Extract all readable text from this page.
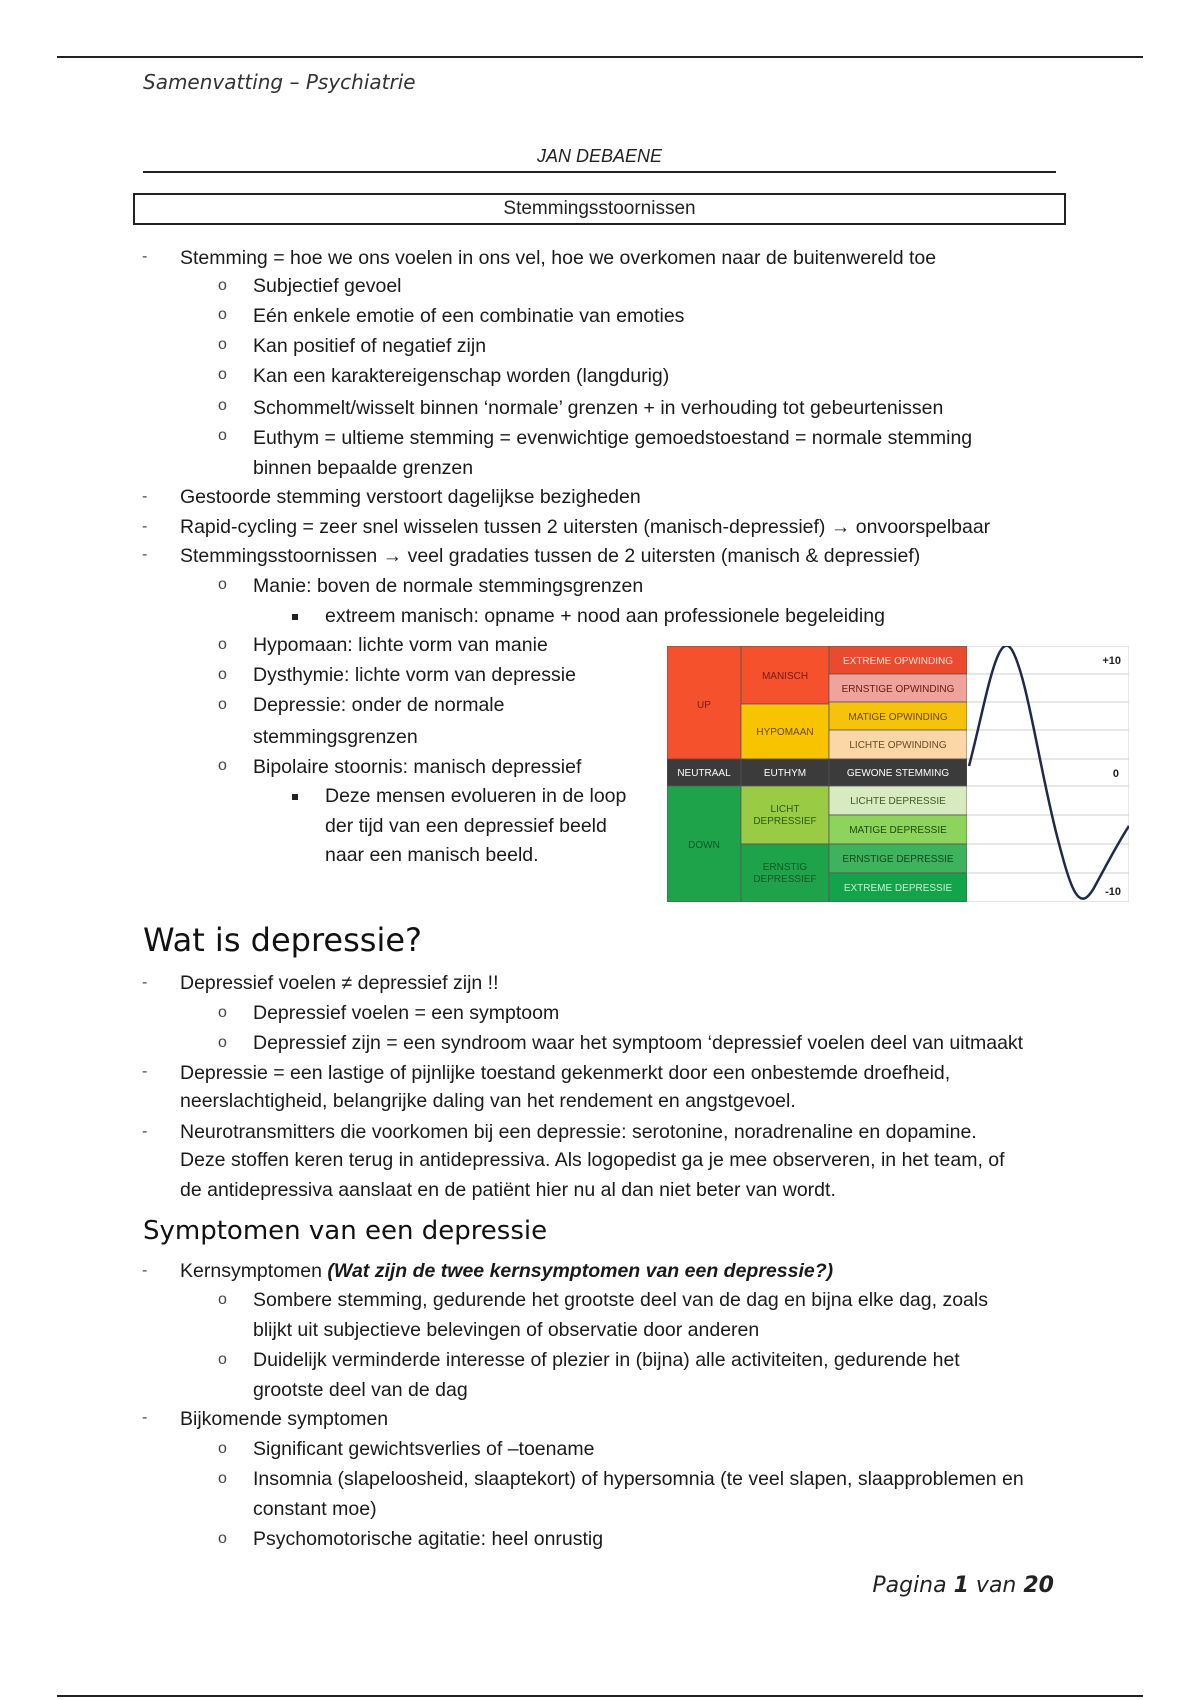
Samenvatting – Psychiatrie
JAN DEBAENE
Stemmingsstoornissen
- Stemming = hoe we ons voelen in ons vel, hoe we overkomen naar de buitenwereld toe
o Subjectief gevoel
o Eén enkele emotie of een combinatie van emoties
o Kan positief of negatief zijn
o Kan een karaktereigenschap worden (langdurig)
o Schommelt/wisselt binnen ‘normale’ grenzen + in verhouding tot gebeurtenissen
o Euthym = ultieme stemming = evenwichtige gemoedstoestand = normale stemming
binnen bepaalde grenzen
- Gestoorde stemming verstoort dagelijkse bezigheden
- Rapid-cycling = zeer snel wisselen tussen 2 uitersten (manisch-depressief) → onvoorspelbaar
- Stemmingsstoornissen → veel gradaties tussen de 2 uitersten (manisch & depressief)
o Manie: boven de normale stemmingsgrenzen
extreem manisch: opname + nood aan professionele begeleiding
o Hypomaan: lichte vorm van manie
o Dysthymie: lichte vorm van depressie
o Depressie: onder de normale
stemmingsgrenzen
o Bipolaire stoornis: manisch depressief
Deze mensen evolueren in de loop
der tijd van een depressief beeld
naar een manisch beeld.
UP
NEUTRAAL
DOWN
MANISCH
HYPOMAAN
EUTHYM
LICHT
DEPRESSIEF
ERNSTIG
DEPRESSIEF
EXTREME OPWINDING
ERNSTIGE OPWINDING
MATIGE OPWINDING
LICHTE OPWINDING
GEWONE STEMMING
LICHTE DEPRESSIE
MATIGE DEPRESSIE
ERNSTIGE DEPRESSIE
EXTREME DEPRESSIE
+10
0
-10
Wat is depressie?
- Depressief voelen ≠ depressief zijn !!
o Depressief voelen = een symptoom
o Depressief zijn = een syndroom waar het symptoom ‘depressief voelen deel van uitmaakt
- Depressie = een lastige of pijnlijke toestand gekenmerkt door een onbestemde droefheid,
neerslachtigheid, belangrijke daling van het rendement en angstgevoel.
- Neurotransmitters die voorkomen bij een depressie: serotonine, noradrenaline en dopamine.
Deze stoffen keren terug in antidepressiva. Als logopedist ga je mee observeren, in het team, of
de antidepressiva aanslaat en de patiënt hier nu al dan niet beter van wordt.
Symptomen van een depressie
- Kernsymptomen (Wat zijn de twee kernsymptomen van een depressie?)
o Sombere stemming, gedurende het grootste deel van de dag en bijna elke dag, zoals
blijkt uit subjectieve belevingen of observatie door anderen
o Duidelijk verminderde interesse of plezier in (bijna) alle activiteiten, gedurende het
grootste deel van de dag
- Bijkomende symptomen
o Significant gewichtsverlies of –toename
o Insomnia (slapeloosheid, slaaptekort) of hypersomnia (te veel slapen, slaapproblemen en
constant moe)
o Psychomotorische agitatie: heel onrustig
Pagina 1 van 20
